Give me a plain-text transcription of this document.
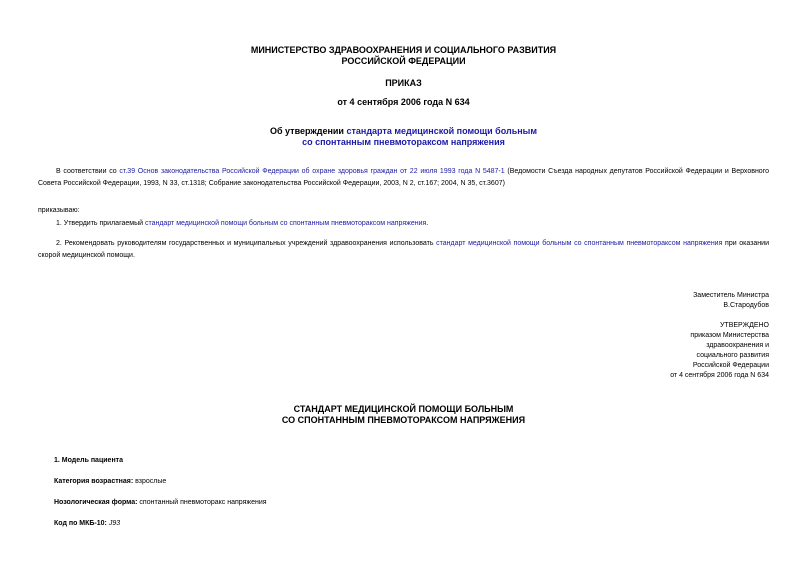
МИНИСТЕРСТВО ЗДРАВООХРАНЕНИЯ И СОЦИАЛЬНОГО РАЗВИТИЯ
РОССИЙСКОЙ ФЕДЕРАЦИИ
ПРИКАЗ
от 4 сентября 2006 года N 634
Об утверждении стандарта медицинской помощи больным
со спонтанным пневмотораксом напряжения
В соответствии со ст.39 Основ законодательства Российской Федерации об охране здоровья граждан от 22 июля 1993 года N 5487-1 (Ведомости Съезда народных депутатов Российской Федерации и Верховного Совета Российской Федерации, 1993, N 33, ст.1318; Собрание законодательства Российской Федерации, 2003, N 2, ст.167; 2004, N 35, ст.3607)
приказываю:
1. Утвердить прилагаемый стандарт медицинской помощи больным со спонтанным пневмотораксом напряжения.
2. Рекомендовать руководителям государственных и муниципальных учреждений здравоохранения использовать стандарт медицинской помощи больным со спонтанным пневмотораксом напряжения при оказании скорой медицинской помощи.
Заместитель Министра
В.Стародубов
УТВЕРЖДЕНО
приказом Министерства
здравоохранения и
социального развития
Российской Федерации
от 4 сентября 2006 года N 634
СТАНДАРТ МЕДИЦИНСКОЙ ПОМОЩИ БОЛЬНЫМ
СО СПОНТАННЫМ ПНЕВМОТОРАКСОМ НАПРЯЖЕНИЯ
1. Модель пациента
Категория возрастная: взрослые
Нозологическая форма: спонтанный пневмоторакс напряжения
Код по МКБ-10: J93
